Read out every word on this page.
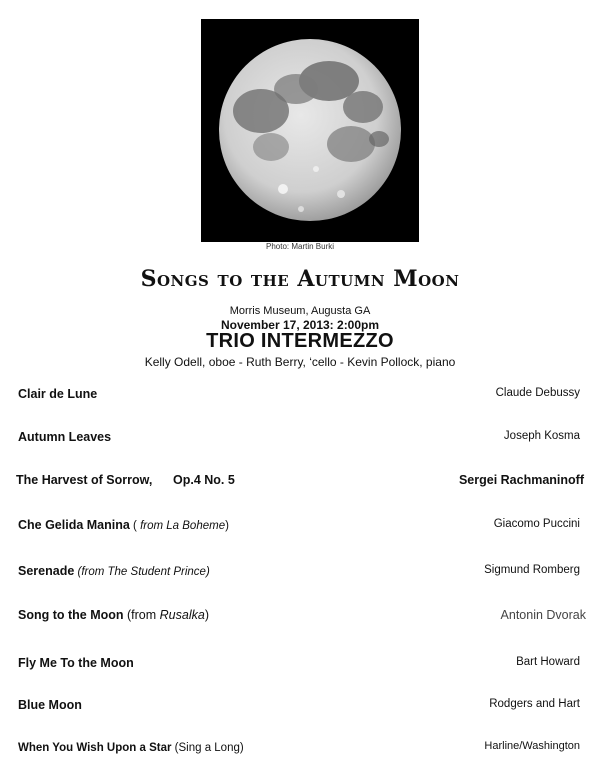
Photo: Martin Burki
Songs to the Autumn Moon
Morris Museum, Augusta GA
November 17, 2013: 2:00pm
TRIO INTERMEZZO
Kelly Odell, oboe - Ruth Berry, ‘cello - Kevin Pollock, piano
Clair de Lune	Claude Debussy
Autumn Leaves	Joseph Kosma
The Harvest of Sorrow, Op.4 No. 5	Sergei Rachmaninoff
Che Gelida Manina ( from La Boheme)	Giacomo Puccini
Serenade (from The Student Prince)	Sigmund Romberg
Song to the Moon (from Rusalka)	Antonin Dvorak
Fly Me To the Moon	Bart Howard
Blue Moon	Rodgers and Hart
When You Wish Upon a Star (Sing a Long)	Harline/Washington
